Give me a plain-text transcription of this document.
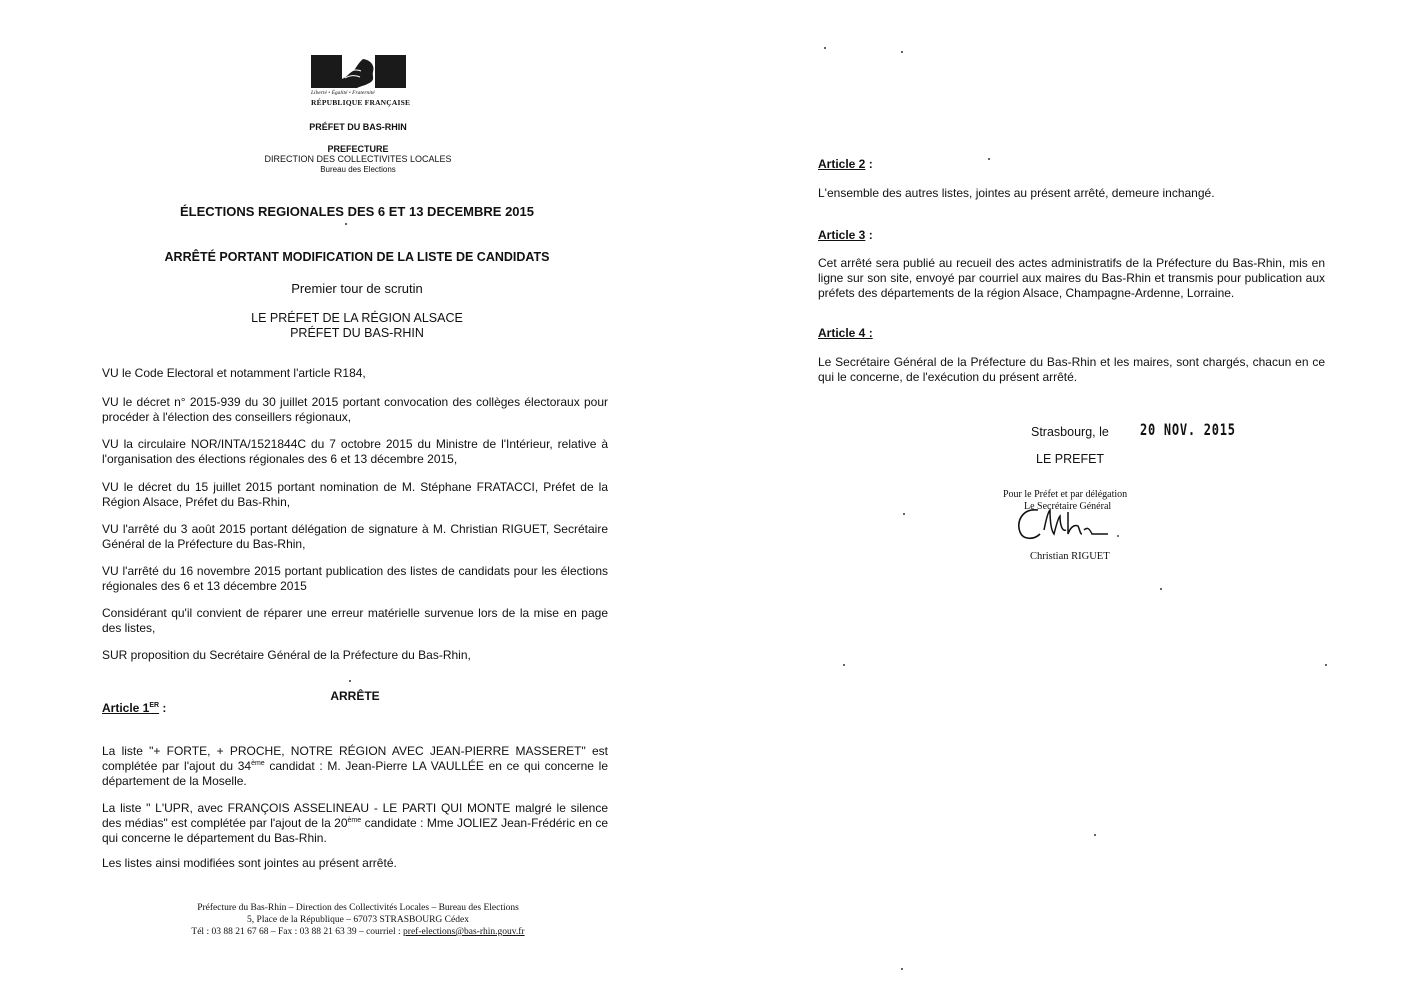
Liberté • Égalité • Fraternité
RÉPUBLIQUE FRANÇAISE
PRÉFET DU BAS-RHIN
PREFECTURE
DIRECTION DES COLLECTIVITES LOCALES
Bureau des Elections
ÉLECTIONS REGIONALES DES 6 ET 13 DECEMBRE 2015
ARRÊTÉ PORTANT MODIFICATION DE LA LISTE DE CANDIDATS
Premier tour de scrutin
LE PRÉFET DE LA RÉGION ALSACE
PRÉFET DU BAS-RHIN
VU le Code Electoral et notamment l'article R184,
VU le décret n° 2015-939 du 30 juillet 2015 portant convocation des collèges électoraux pour procéder à l'élection des conseillers régionaux,
VU la circulaire NOR/INTA/1521844C du 7 octobre 2015 du Ministre de l'Intérieur, relative à l'organisation des élections régionales des 6 et 13 décembre 2015,
VU le décret du 15 juillet 2015 portant nomination de M. Stéphane FRATACCI, Préfet de la Région Alsace, Préfet du Bas-Rhin,
VU l'arrêté du 3 août 2015 portant délégation de signature à M. Christian RIGUET, Secrétaire Général de la Préfecture du Bas-Rhin,
VU l'arrêté du 16 novembre 2015 portant publication des listes de candidats pour les élections régionales des 6 et 13 décembre 2015
Considérant qu'il convient de réparer une erreur matérielle survenue lors de la mise en page des listes,
SUR proposition du Secrétaire Général de la Préfecture du Bas-Rhin,
ARRÊTE
Article 1ER :
La liste "+ FORTE, + PROCHE, NOTRE RÉGION AVEC JEAN-PIERRE MASSERET" est complétée par l'ajout du 34ème candidat : M. Jean-Pierre LA VAULLÉE en ce qui concerne le département de la Moselle.
La liste " L'UPR, avec FRANÇOIS ASSELINEAU - LE PARTI QUI MONTE malgré le silence des médias" est complétée par l'ajout de la 20ème candidate : Mme JOLIEZ Jean-Frédéric en ce qui concerne le département du Bas-Rhin.
Les listes ainsi modifiées sont jointes au présent arrêté.
Préfecture du Bas-Rhin – Direction des Collectivités Locales – Bureau des Elections
5, Place de la République – 67073 STRASBOURG Cédex
Tél : 03 88 21 67 68 – Fax : 03 88 21 63 39 – courriel : pref-elections@bas-rhin.gouv.fr
Article 2 :
L'ensemble des autres listes, jointes au présent arrêté, demeure inchangé.
Article 3 :
Cet arrêté sera publié au recueil des actes administratifs de la Préfecture du Bas-Rhin, mis en ligne sur son site, envoyé par courriel aux maires du Bas-Rhin et transmis pour publication aux préfets des départements de la région Alsace, Champagne-Ardenne, Lorraine.
Article 4 :
Le Secrétaire Général de la Préfecture du Bas-Rhin et les maires, sont chargés, chacun en ce qui le concerne, de l'exécution du présent arrêté.
Strasbourg, le 20 NOV. 2015
LE PREFET
Pour le Préfet et par délégation
Le Secrétaire Général
Christian RIGUET
